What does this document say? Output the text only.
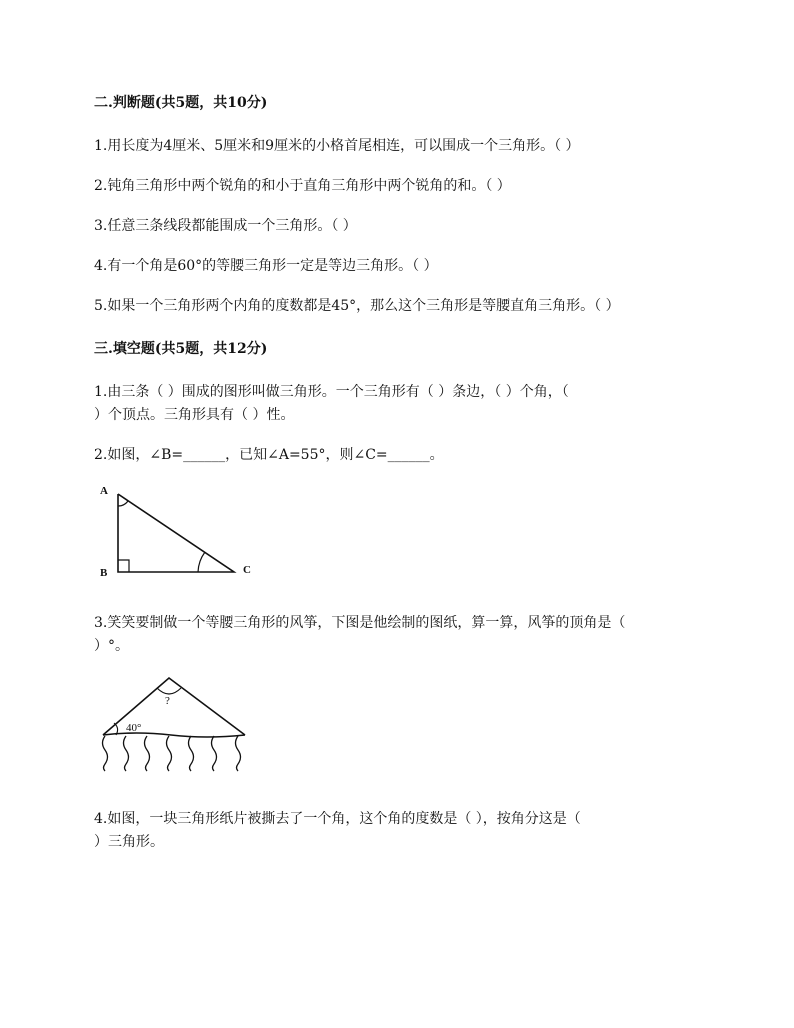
二.判断题(共5题，共10分)
1.用长度为4厘米、5厘米和9厘米的小格首尾相连，可以围成一个三角形。（ ）
2.钝角三角形中两个锐角的和小于直角三角形中两个锐角的和。（ ）
3.任意三条线段都能围成一个三角形。（ ）
4.有一个角是60°的等腰三角形一定是等边三角形。（ ）
5.如果一个三角形两个内角的度数都是45°，那么这个三角形是等腰直角三角形。（ ）
三.填空题(共5题，共12分)
1.由三条（ ）围成的图形叫做三角形。一个三角形有（ ）条边，（ ）个角，（
）个顶点。三角形具有（ ）性。
2.如图，∠B=______，已知∠A=55°，则∠C=______。
A
B	C
3.笑笑要制做一个等腰三角形的风筝，下图是他绘制的图纸，算一算，风筝的顶角是（
）°。
?
40°
4.如图，一块三角形纸片被撕去了一个角，这个角的度数是（ ），按角分这是（
）三角形。
